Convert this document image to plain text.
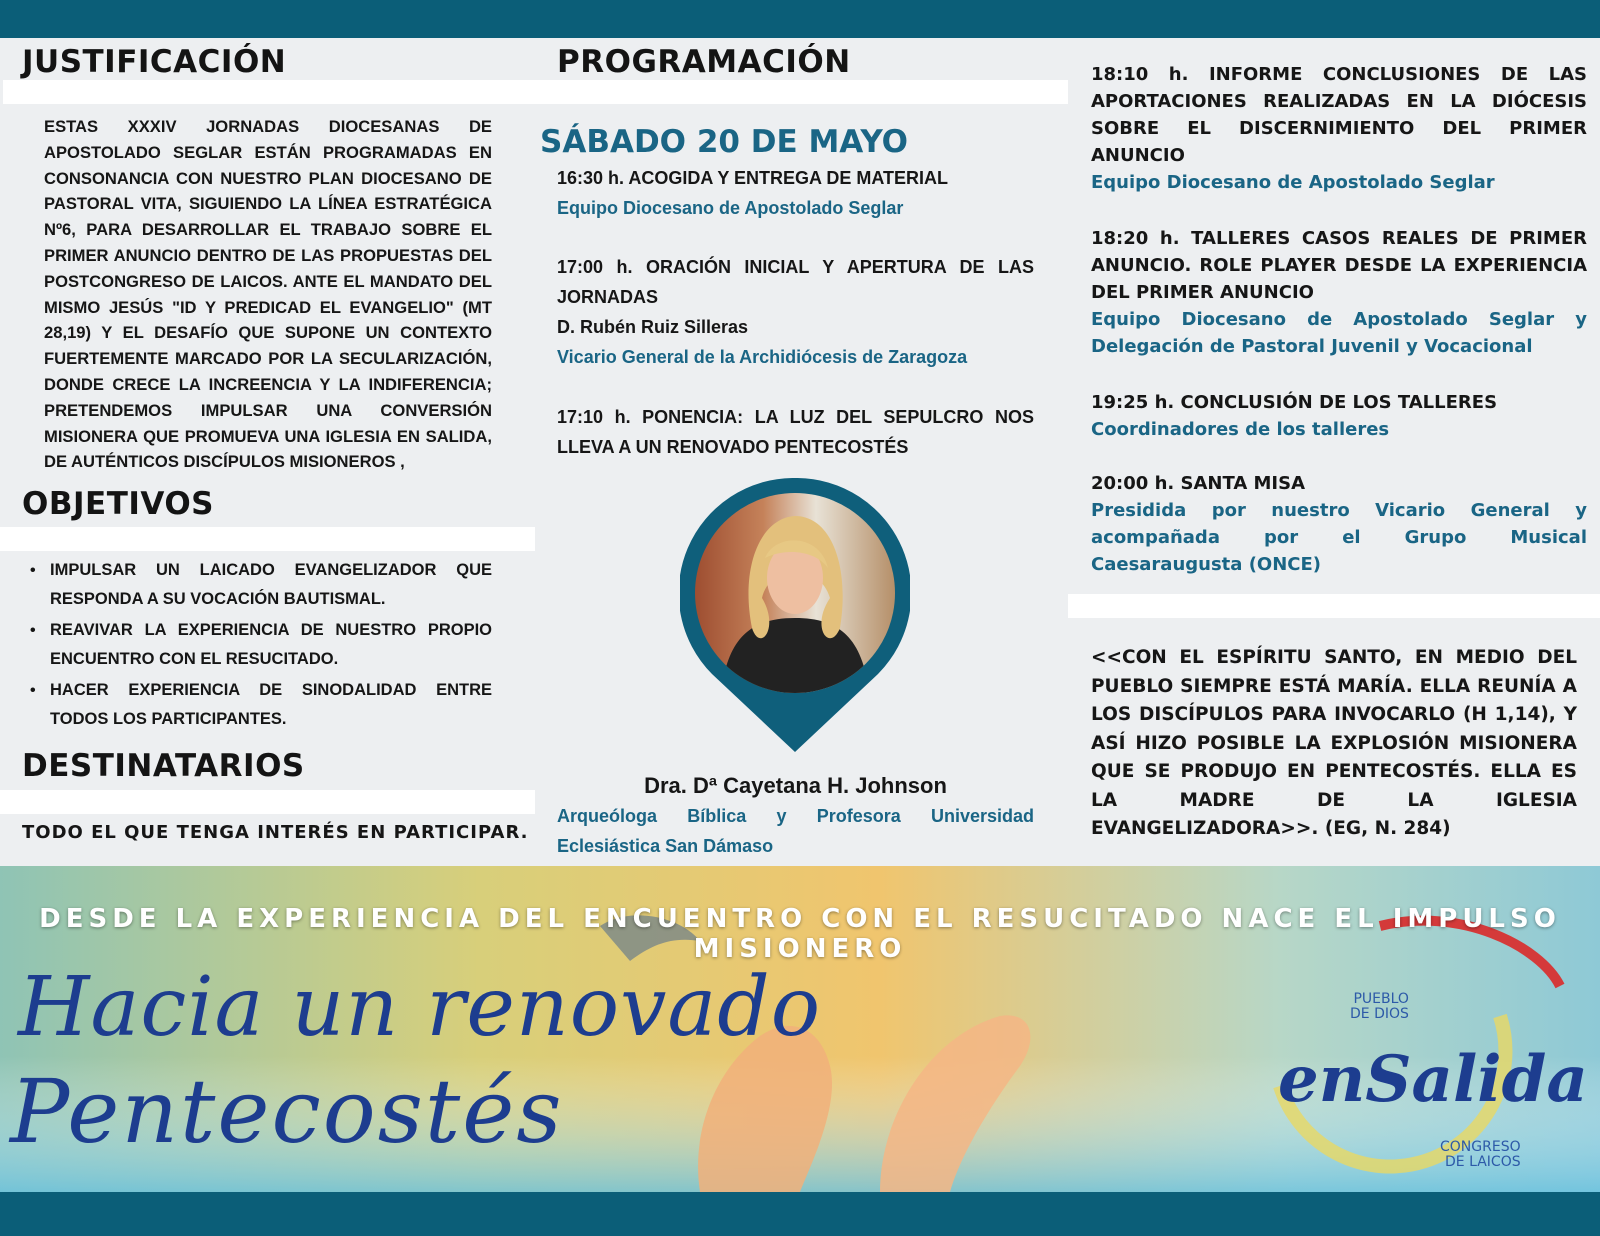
JUSTIFICACIÓN
ESTAS XXXIV JORNADAS DIOCESANAS DE APOSTOLADO SEGLAR ESTÁN PROGRAMADAS EN CONSONANCIA CON NUESTRO PLAN DIOCESANO DE PASTORAL VITA, SIGUIENDO LA LÍNEA ESTRATÉGICA Nº6, PARA DESARROLLAR EL TRABAJO SOBRE EL PRIMER ANUNCIO DENTRO DE LAS PROPUESTAS DEL POSTCONGRESO DE LAICOS. ANTE EL MANDATO DEL MISMO JESÚS "ID Y PREDICAD EL EVANGELIO" (MT 28,19) Y EL DESAFÍO QUE SUPONE UN CONTEXTO FUERTEMENTE MARCADO POR LA SECULARIZACIÓN, DONDE CRECE LA INCREENCIA Y LA INDIFERENCIA; PRETENDEMOS IMPULSAR UNA CONVERSIÓN MISIONERA QUE PROMUEVA UNA IGLESIA EN SALIDA, DE AUTÉNTICOS DISCÍPULOS MISIONEROS ,
OBJETIVOS
• IMPULSAR UN LAICADO EVANGELIZADOR QUE RESPONDA A SU VOCACIÓN BAUTISMAL.
• REAVIVAR LA EXPERIENCIA DE NUESTRO PROPIO ENCUENTRO CON EL RESUCITADO.
• HACER EXPERIENCIA DE SINODALIDAD ENTRE TODOS LOS PARTICIPANTES.
DESTINATARIOS
TODO EL QUE TENGA INTERÉS EN PARTICIPAR.
PROGRAMACIÓN
SÁBADO 20 DE MAYO
16:30 h. ACOGIDA Y ENTREGA DE MATERIAL
Equipo Diocesano de Apostolado Seglar
17:00 h. ORACIÓN INICIAL Y APERTURA DE LAS JORNADAS
D. Rubén Ruiz Silleras
Vicario General de la Archidiócesis de Zaragoza
17:10 h. PONENCIA: LA LUZ DEL SEPULCRO NOS LLEVA A UN RENOVADO PENTECOSTÉS
Dra. Dª Cayetana H. Johnson
Arqueóloga Bíblica y Profesora Universidad Eclesiástica San Dámaso
18:10 h. INFORME CONCLUSIONES DE LAS APORTACIONES REALIZADAS EN LA DIÓCESIS SOBRE EL DISCERNIMIENTO DEL PRIMER ANUNCIO
Equipo Diocesano de Apostolado Seglar
18:20 h. TALLERES CASOS REALES DE PRIMER ANUNCIO. ROLE PLAYER DESDE LA EXPERIENCIA DEL PRIMER ANUNCIO
Equipo Diocesano de Apostolado Seglar y Delegación de Pastoral Juvenil y Vocacional
19:25 h. CONCLUSIÓN DE LOS TALLERES
Coordinadores de los talleres
20:00 h. SANTA MISA
Presidida por nuestro Vicario General y acompañada por el Grupo Musical Caesaraugusta (ONCE)
<<CON EL ESPÍRITU SANTO, EN MEDIO DEL PUEBLO SIEMPRE ESTÁ MARÍA. ELLA REUNÍA A LOS DISCÍPULOS PARA INVOCARLO (H 1,14), Y ASÍ HIZO POSIBLE LA EXPLOSIÓN MISIONERA QUE SE PRODUJO EN PENTECOSTÉS. ELLA ES LA MADRE DE LA IGLESIA EVANGELIZADORA>>. (EG, N. 284)
DESDE LA EXPERIENCIA DEL ENCUENTRO CON EL RESUCITADO NACE EL IMPULSO MISIONERO
Hacia un renovado
Pentecostés
PUEBLO
DE DIOS
enSalida
CONGRESO
DE LAICOS
